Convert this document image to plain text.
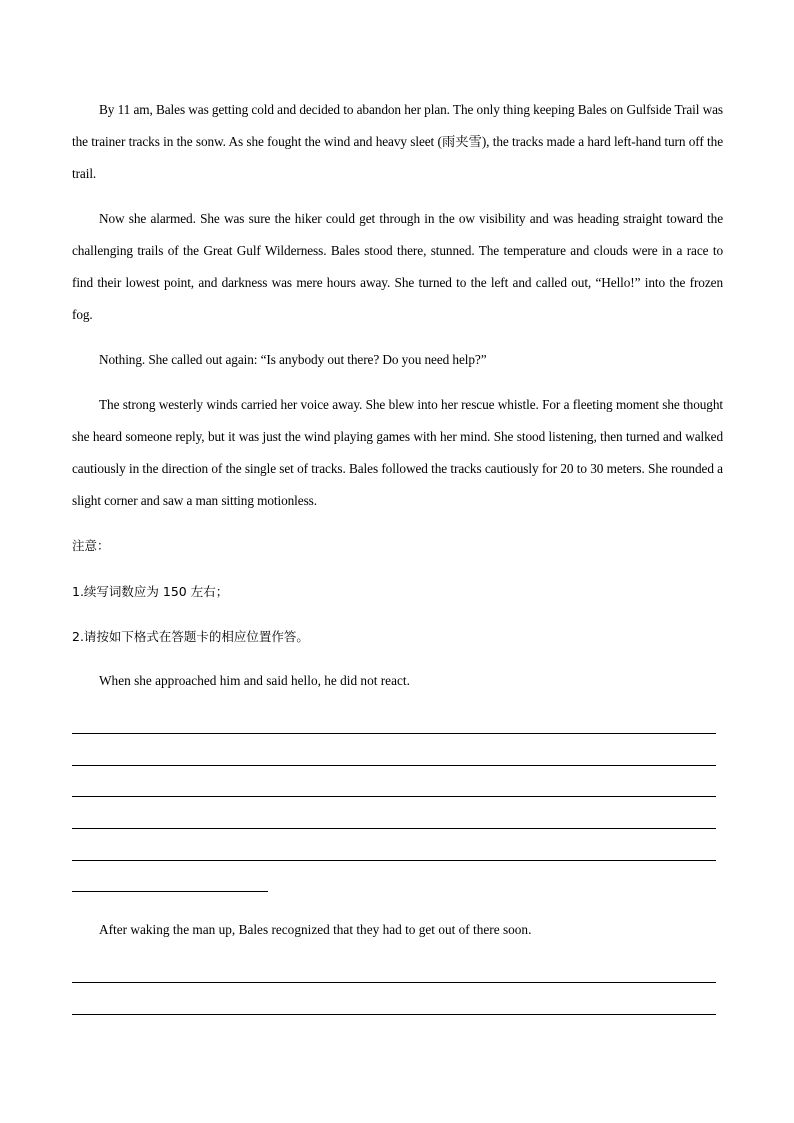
By 11 am, Bales was getting cold and decided to abandon her plan. The only thing keeping Bales on Gulfside Trail was the trainer tracks in the sonw. As she fought the wind and heavy sleet (雨夹雪), the tracks made a hard left-hand turn off the trail.

Now she alarmed. She was sure the hiker could get through in the ow visibility and was heading straight toward the challenging trails of the Great Gulf Wilderness. Bales stood there, stunned. The temperature and clouds were in a race to find their lowest point, and darkness was mere hours away. She turned to the left and called out, “Hello!” into the frozen fog.

Nothing. She called out again: “Is anybody out there? Do you need help?”

The strong westerly winds carried her voice away. She blew into her rescue whistle. For a fleeting moment she thought she heard someone reply, but it was just the wind playing games with her mind. She stood listening, then turned and walked cautiously in the direction of the single set of tracks. Bales followed the tracks cautiously for 20 to 30 meters. She rounded a slight corner and saw a man sitting motionless.

注意：

1.续写词数应为 150 左右；

2.请按如下格式在答题卡的相应位置作答。

When she approached him and said hello, he did not react.

After waking the man up, Bales recognized that they had to get out of there soon.
